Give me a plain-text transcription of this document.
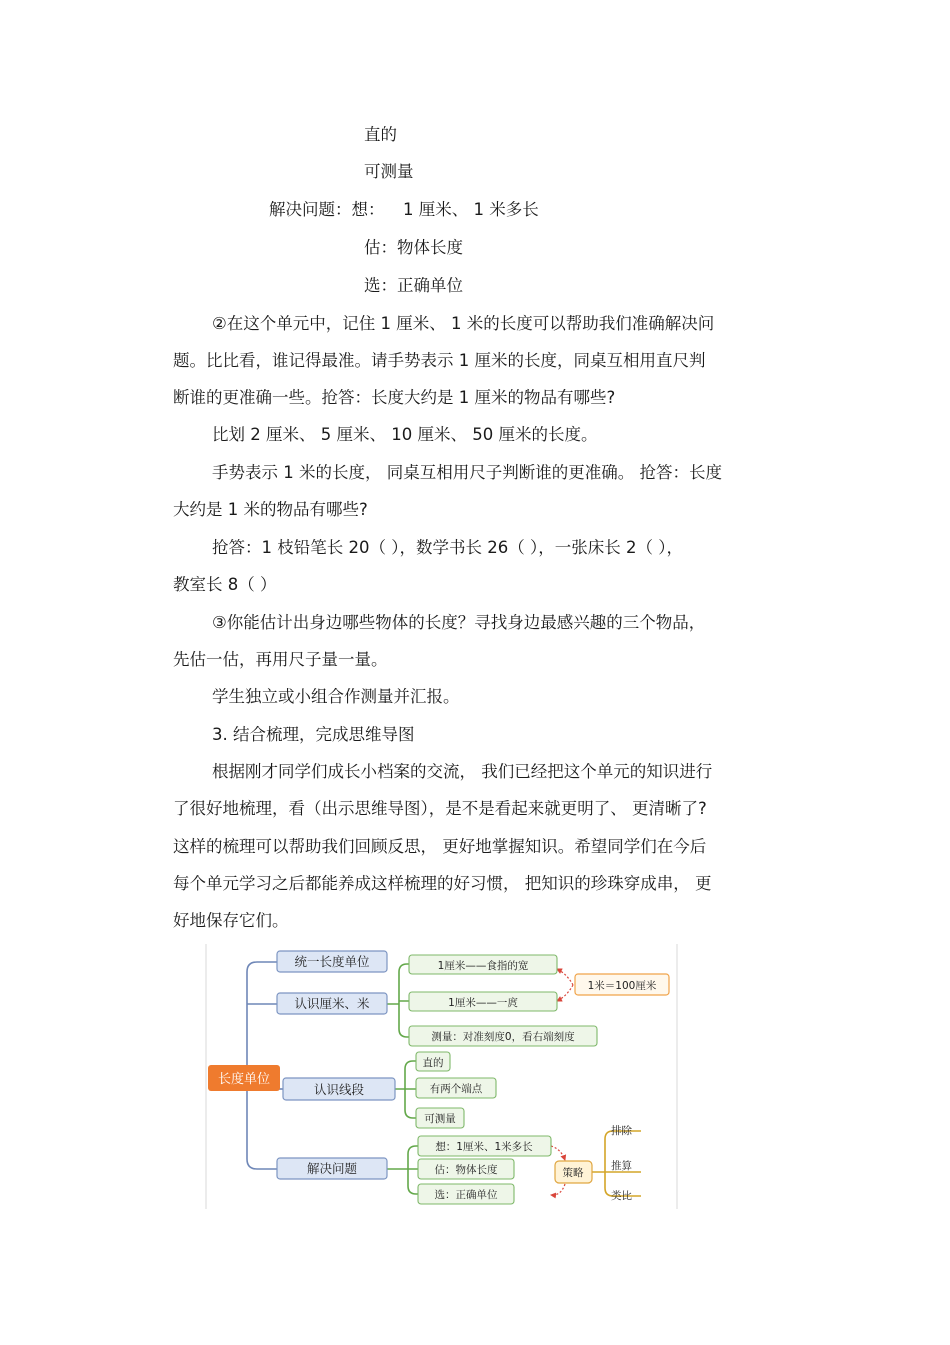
直的
可测量
解决问题：想： 1 厘米、 1 米多长
估：物体长度
选：正确单位
②在这个单元中，记住 1 厘米、 1 米的长度可以帮助我们准确解决问
题。比比看，谁记得最准。请手势表示 1 厘米的长度，同桌互相用直尺判
断谁的更准确一些。抢答：长度大约是 1 厘米的物品有哪些?
比划 2 厘米、 5 厘米、 10 厘米、 50 厘米的长度。
手势表示 1 米的长度， 同桌互相用尺子判断谁的更准确。 抢答：长度
大约是 1 米的物品有哪些?
抢答：1 枝铅笔长 20（ ），数学书长 26（ ），一张床长 2（ ），
教室长 8（ ）
③你能估计出身边哪些物体的长度？寻找身边最感兴趣的三个物品，
先估一估，再用尺子量一量。
学生独立或小组合作测量并汇报。
3. 结合梳理，完成思维导图
根据刚才同学们成长小档案的交流， 我们已经把这个单元的知识进行
了很好地梳理，看（出示思维导图），是不是看起来就更明了、 更清晰了?
这样的梳理可以帮助我们回顾反思， 更好地掌握知识。希望同学们在今后
每个单元学习之后都能养成这样梳理的好习惯， 把知识的珍珠穿成串， 更
好地保存它们。
长度单位
统一长度单位
认识厘米、米
认识线段
解决问题
1厘米——食指的宽
1厘米——一庹
测量：对准刻度0，看右端刻度
1米＝100厘米
直的
有两个端点
可测量
想：1厘米、1米多长
估：物体长度
选：正确单位
策略
排除
推算
类比
